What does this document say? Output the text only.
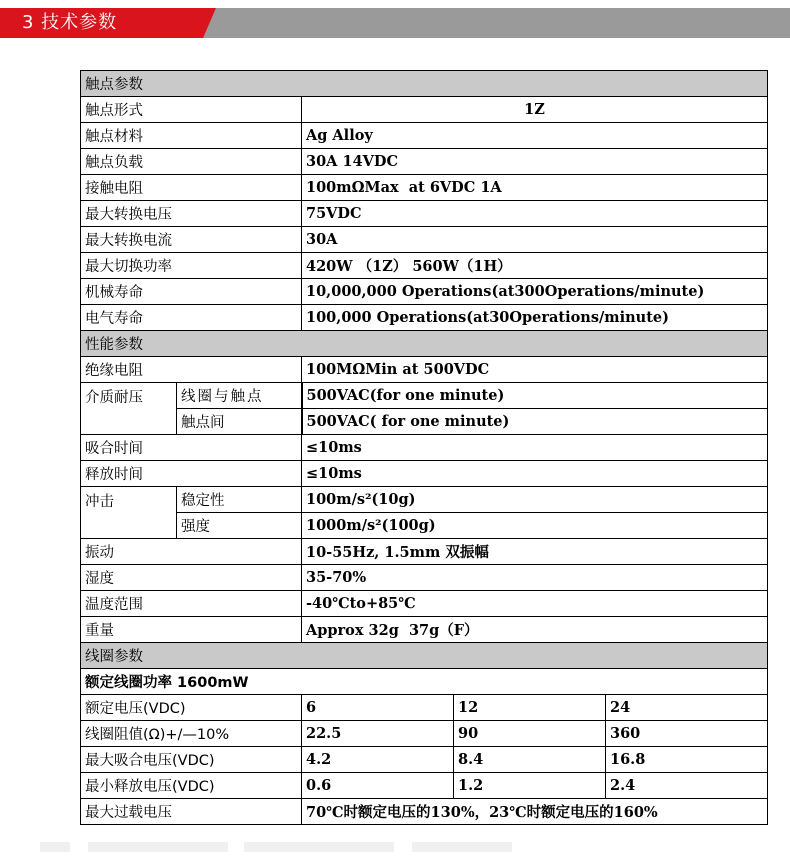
3 技术参数
触点参数				
触点形式		1Z		
触点材料		Ag Alloy		
触点负载		30A 14VDC		
接触电阻		100mΩMax  at 6VDC 1A		
最大转换电压		75VDC		
最大转换电流		30A		
最大切换功率		420W （1Z） 560W（1H）		
机械寿命		10,000,000 Operations(at300Operations/minute)		
电气寿命		100,000 Operations(at30Operations/minute)		
性能参数				
绝缘电阻		100MΩMin at 500VDC		
介质耐压	线圈与触点	500VAC(for one minute)		
	触点间	500VAC( for one minute)		
吸合时间		≤10ms		
释放时间		≤10ms		
冲击	稳定性	100m/s²(10g)		
	强度	1000m/s²(100g)		
振动		10-55Hz, 1.5mm 双振幅		
湿度		35-70%		
温度范围		-40℃to+85℃		
重量		Approx 32g  37g（F）		
线圈参数				
额定线圈功率 1600mW				
额定电压(VDC)		6	12	24
线圈阻值(Ω)+/—10%		22.5	90	360
最大吸合电压(VDC)		4.2	8.4	16.8
最小释放电压(VDC)		0.6	1.2	2.4
最大过载电压		70℃时额定电压的130%，23℃时额定电压的160%		
